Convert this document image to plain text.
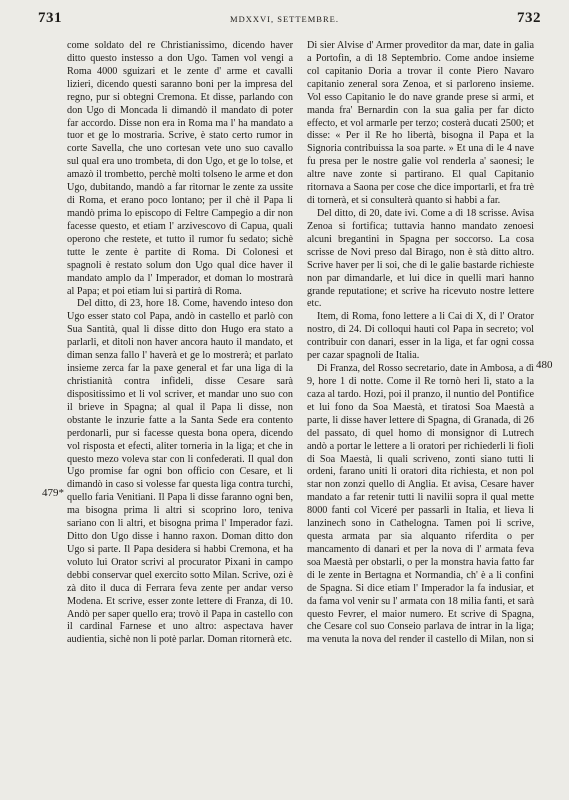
731	MDXXVI, SETTEMBRE.	732
479*
480

come soldato del re Christianissimo, dicendo haver ditto questo instesso a don Ugo. Tamen vol vengi a Roma 4000 sguizari et le zente d' arme et cavalli lizieri, dicendo questi saranno boni per la impresa del regno, pur si obtegni Cremona. Et disse, parlando con don Ugo di Moncada li dimandò il mandato di poter far accordo. Disse non era in Roma ma l' ha mandato a tuor et ge lo mostraria. Scrive, è stato certo rumor in corte Savella, che uno cortesan vete uno suo cavallo sul qual era uno trombeta, di don Ugo, et ge lo tolse, et amazò il trombetto, perchè molti tolseno le arme et don Ugo, dubitando, mandò a far ritornar le zente za ussite di Roma, et erano poco lontano; per il chè il Papa li mandò prima lo episcopo di Feltre Campegio a dir non facesse questo, et etiam l' arzivescovo di Capua, quali operono che restete, et tutto il rumor fu sedato; sichè tutte le zente è partite di Roma. Di Colonesi et spagnoli è restato solum don Ugo qual dice haver il mandato amplo da l' Imperador, et doman lo mostrarà al Papa; et poi etiam lui si partirà di Roma.

Del ditto, di 23, hore 18. Come, havendo inteso don Ugo esser stato col Papa, andò in castello et parlò con Sua Santità, qual li disse ditto don Hugo era stato a parlarli, et ditoli non haver ancora hauto il mandato, et diman senza fallo l' haverà et ge lo mostrerà; et parlato insieme zerca far la paxe general et far una liga di la christianità contra infideli, disse Cesare sarà dispositissimo et li vol scriver, et mandar uno suo con il brieve in Spagna; al qual il Papa li disse, non obstante le inzurie fatte a la Santa Sede era contento perdonarli, pur si facesse questa bona opera, dicendo vol risposta et efecti, aliter torneria in la liga; et che in questo mezo voleva star con li confederati. Il qual don Ugo promise far ogni bon officio con Cesare, et li dimandò in caso si volesse far questa liga contra turchi, quello faria Venitiani. Il Papa li disse faranno ogni ben, ma bisogna prima li altri si scoprino loro, teniva sariano con li altri, et bisogna prima l' Imperador fazi. Ditto don Ugo disse i hanno raxon. Doman ditto don Ugo si parte. Il Papa desidera si habbi Cremona, et ha voluto lui Orator scrivi al procurator Pixani in campo debbi conservar quel exercito sotto Milan. Scrive, ozi è zà dito il duca di Ferrara feva zente per andar verso Modena. Et scrive, esser zonte lettere di Franza, di 10. Andò per saper quello era; trovò il Papa in castello con il cardinal Farnese et uno altro: aspectava haver audientia, sichè non li potè parlar. Doman ritornerà etc.

Di sier Alvise d' Armer proveditor da mar, date in galìa a Portofin, a dì 18 Septembrio. Come andoe insieme col capitanio Doria a trovar il conte Piero Navaro capitanio zeneral sora Zenoa, et si parloreno insieme. Vol esso Capitanio le do nave grande prese si armi, et manda fra' Bernardin con la sua galia per far dicto effecto, et vol armarle per terzo; costerà ducati 2500; et disse: « Per il Re ho libertà, bisogna il Papa et la Signoria contribuissa la soa parte. » Et una di le 4 nave fu presa per le nostre galie vol renderla a' saonesi; le altre nave zonte si partirano. El qual Capitanio ritornava a Saona per cose che dice importarli, et fra trè di tornerà, et si consulterà quanto si habbi a far.

Del ditto, di 20, date ivi. Come a dì 18 scrisse. Avisa Zenoa si fortifica; tuttavia hanno mandato zenoesi alcuni bregantini in Spagna per soccorso. La cosa scrisse de Novi preso dal Birago, non è stà ditto altro. Scrive haver per li soi, che di le galie bastarde richieste non par dimandarle, et lui dice in quelli mari hanno grande reputatione; et scrive ha ricevuto nostre lettere etc.

Item, di Roma, fono lettere a li Cai di X, di l' Orator nostro, di 24. Di colloqui hauti col Papa in secreto; vol contribuir con danari, esser in la liga, et far ogni cossa per cazar spagnoli de Italia.

Di Franza, del Rosso secretario, date in Ambosa, a dì 9, hore 1 di notte. Come il Re tornò heri lì, stato a la caza al tardo. Hozi, poi il pranzo, il nuntio del Pontifice et lui fono da Soa Maestà, et tiratosi Soa Maestà a parte, li disse haver lettere di Spagna, di Granada, di 26 del passato, di quel homo di monsignor di Lutrech andò a portar le lettere a li oratori per richiederli li fioli di Soa Maestà, li quali scriveno, zonti siano tutti li ordeni, farano uniti li oratori dita richiesta, et non pol star non zonzi quello di Anglia. Et avisa, Cesare haver mandato a far retenir tutti li navilii sopra il qual mette 8000 fanti col Viceré per passarli in Italia, et lieva li lanzinech sono in Cathelogna. Tamen poi li scrive, questa armata par sia alquanto riferdita o per mancamento di danari et per la nova di l' armata feva soa Maestà per obstarli, o per la monstra havia fatto far di le zente in Bertagna et Normandia, ch' è a li confini de Spagna. Si dice etiam l' Imperador la fa indusiar, et da fama vol venir su l' armata con 18 milia fanti, et sarà questo Fevrer, el maior numero. Et scrive di Spagna, che Cesare col suo Conseio parlava de intrar in la liga; ma venuta la nova del render il castello di Milan, non si
